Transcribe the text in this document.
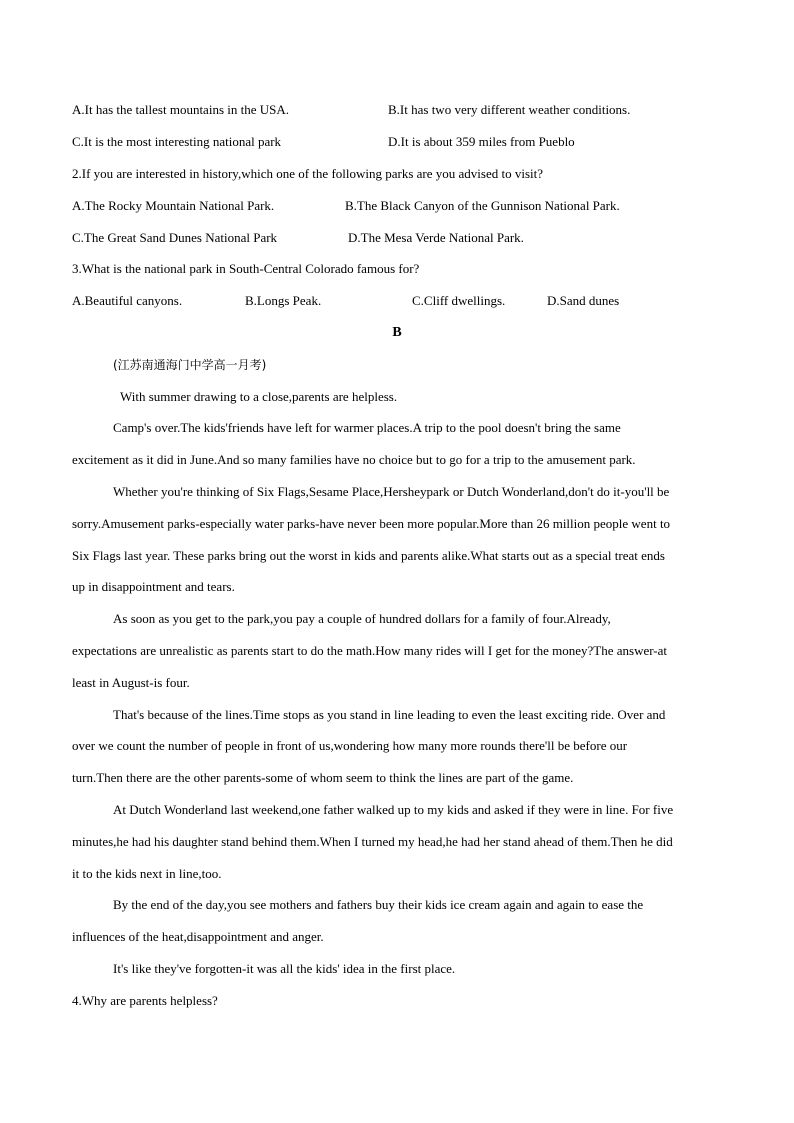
A.It has the tallest mountains in the USA.	B.It has two very different weather conditions.
C.It is the most interesting national park	D.It is about 359 miles from Pueblo
2.If you are interested in history,which one of the following parks are you advised to visit?
A.The Rocky Mountain National Park.	B.The Black Canyon of the Gunnison National Park.
C.The Great Sand Dunes National Park	D.The Mesa Verde National Park.
3.What is the national park in South-Central Colorado famous for?
A.Beautiful canyons.	B.Longs Peak.	C.Cliff dwellings.	D.Sand dunes
B
(江苏南通海门中学高一月考)
With summer drawing to a close,parents are helpless.
Camp's over.The kids'friends have left for warmer places.A trip to the pool doesn't bring the same
excitement as it did in June.And so many families have no choice but to go for a trip to the amusement park.
Whether you're thinking of Six Flags,Sesame Place,Hersheypark or Dutch Wonderland,don't do it-you'll be
sorry.Amusement parks-especially water parks-have never been more popular.More than 26 million people went to
Six Flags last year. These parks bring out the worst in kids and parents alike.What starts out as a special treat ends
up in disappointment and tears.
As soon as you get to the park,you pay a couple of hundred dollars for a family of four.Already,
expectations are unrealistic as parents start to do the math.How many rides will I get for the money?The answer-at
least in August-is four.
That's because of the lines.Time stops as you stand in line leading to even the least exciting ride. Over and
over we count the number of people in front of us,wondering how many more rounds there'll be before our
turn.Then there are the other parents-some of whom seem to think the lines are part of the game.
At Dutch Wonderland last weekend,one father walked up to my kids and asked if they were in line. For five
minutes,he had his daughter stand behind them.When I turned my head,he had her stand ahead of them.Then he did
it to the kids next in line,too.
By the end of the day,you see mothers and fathers buy their kids ice cream again and again to ease the
influences of the heat,disappointment and anger.
It's like they've forgotten-it was all the kids' idea in the first place.
4.Why are parents helpless?
